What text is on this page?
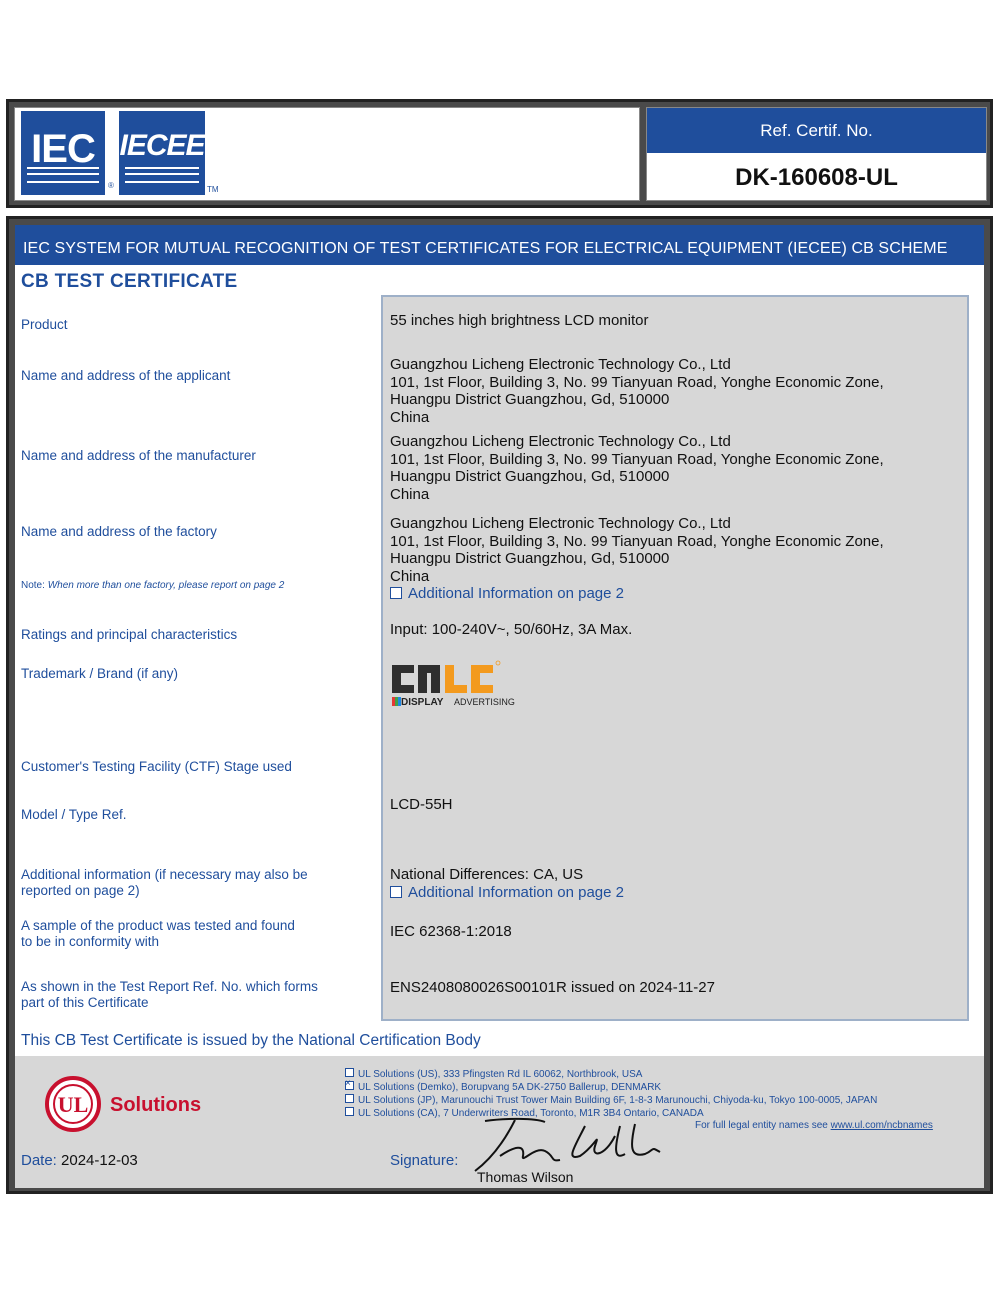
IEC
®
IECEE
TM
Ref. Certif. No.
DK-160608-UL
IEC SYSTEM FOR MUTUAL RECOGNITION OF TEST CERTIFICATES FOR ELECTRICAL EQUIPMENT (IECEE) CB SCHEME
CB TEST CERTIFICATE
Product
Name and address of the applicant
Name and address of the manufacturer
Name and address of the factory
Note: When more than one factory, please report on page 2
Ratings and principal characteristics
Trademark / Brand (if any)
Customer's Testing Facility (CTF) Stage used
Model / Type Ref.
Additional information (if necessary may also be
reported on page 2)
A sample of the product was tested and found
to be in conformity with
As shown in the Test Report Ref. No. which forms
part of this Certificate
55 inches high brightness LCD monitor
Guangzhou Licheng Electronic Technology Co., Ltd
101, 1st Floor, Building 3, No. 99 Tianyuan Road, Yonghe Economic Zone,
Huangpu District Guangzhou, Gd, 510000
China
Guangzhou Licheng Electronic Technology Co., Ltd
101, 1st Floor, Building 3, No. 99 Tianyuan Road, Yonghe Economic Zone,
Huangpu District Guangzhou, Gd, 510000
China
Guangzhou Licheng Electronic Technology Co., Ltd
101, 1st Floor, Building 3, No. 99 Tianyuan Road, Yonghe Economic Zone,
Huangpu District Guangzhou, Gd, 510000
China
Additional Information on page 2
Input: 100-240V~, 50/60Hz, 3A Max.
DISPLAY ADVERTISING
LCD-55H
National Differences: CA, US
Additional Information on page 2
IEC 62368-1:2018
ENS2408080026S00101R issued on 2024-11-27
This CB Test Certificate is issued by the National Certification Body
UL Solutions
UL Solutions (US), 333 Pfingsten Rd IL 60062, Northbrook, USA
×UL Solutions (Demko), Borupvang 5A DK-2750 Ballerup, DENMARK
UL Solutions (JP), Marunouchi Trust Tower Main Building 6F, 1-8-3 Marunouchi, Chiyoda-ku, Tokyo 100-0005, JAPAN
UL Solutions (CA), 7 Underwriters Road, Toronto, M1R 3B4 Ontario, CANADA
For full legal entity names see www.ul.com/ncbnames
Date: 2024-12-03	Signature:
Thomas Wilson
